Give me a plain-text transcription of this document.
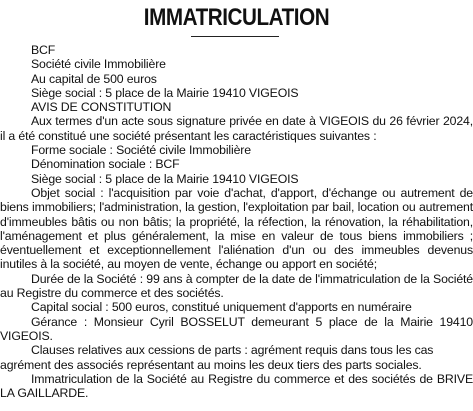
IMMATRICULATION

BCF

Société civile Immobilière

Au capital de 500 euros

Siège social : 5 place de la Mairie 19410 VIGEOIS

AVIS DE CONSTITUTION

Aux termes d'un acte sous signature privée en date à VIGEOIS du 26 février 2024, il a été constitué une société présentant les caractéristiques suivantes :

Forme sociale : Société civile Immobilière

Dénomination sociale : BCF

Siège social : 5 place de la Mairie 19410 VIGEOIS

Objet social : l'acquisition par voie d'achat, d'apport, d'échange ou autrement de biens immobiliers; l'administration, la gestion, l'exploitation par bail, location ou autrement d'immeubles bâtis ou non bâtis; la propriété, la réfection, la rénovation, la réhabilitation, l'aménagement et plus généralement, la mise en valeur de tous biens immobiliers ; éventuellement et exceptionnellement l'aliénation d'un ou des immeubles devenus inutiles à la société, au moyen de vente, échange ou apport en société;

Durée de la Société : 99 ans à compter de la date de l'immatriculation de la Société au Registre du commerce et des sociétés.

Capital social : 500 euros, constitué uniquement d'apports en numéraire

Gérance : Monsieur Cyril BOSSELUT demeurant 5 place de la Mairie 19410 VIGEOIS.

Clauses relatives aux cessions de parts : agrément requis dans tous les cas agrément des associés représentant au moins les deux tiers des parts sociales.

Immatriculation de la Société au Registre du commerce et des sociétés de BRIVE LA GAILLARDE.
